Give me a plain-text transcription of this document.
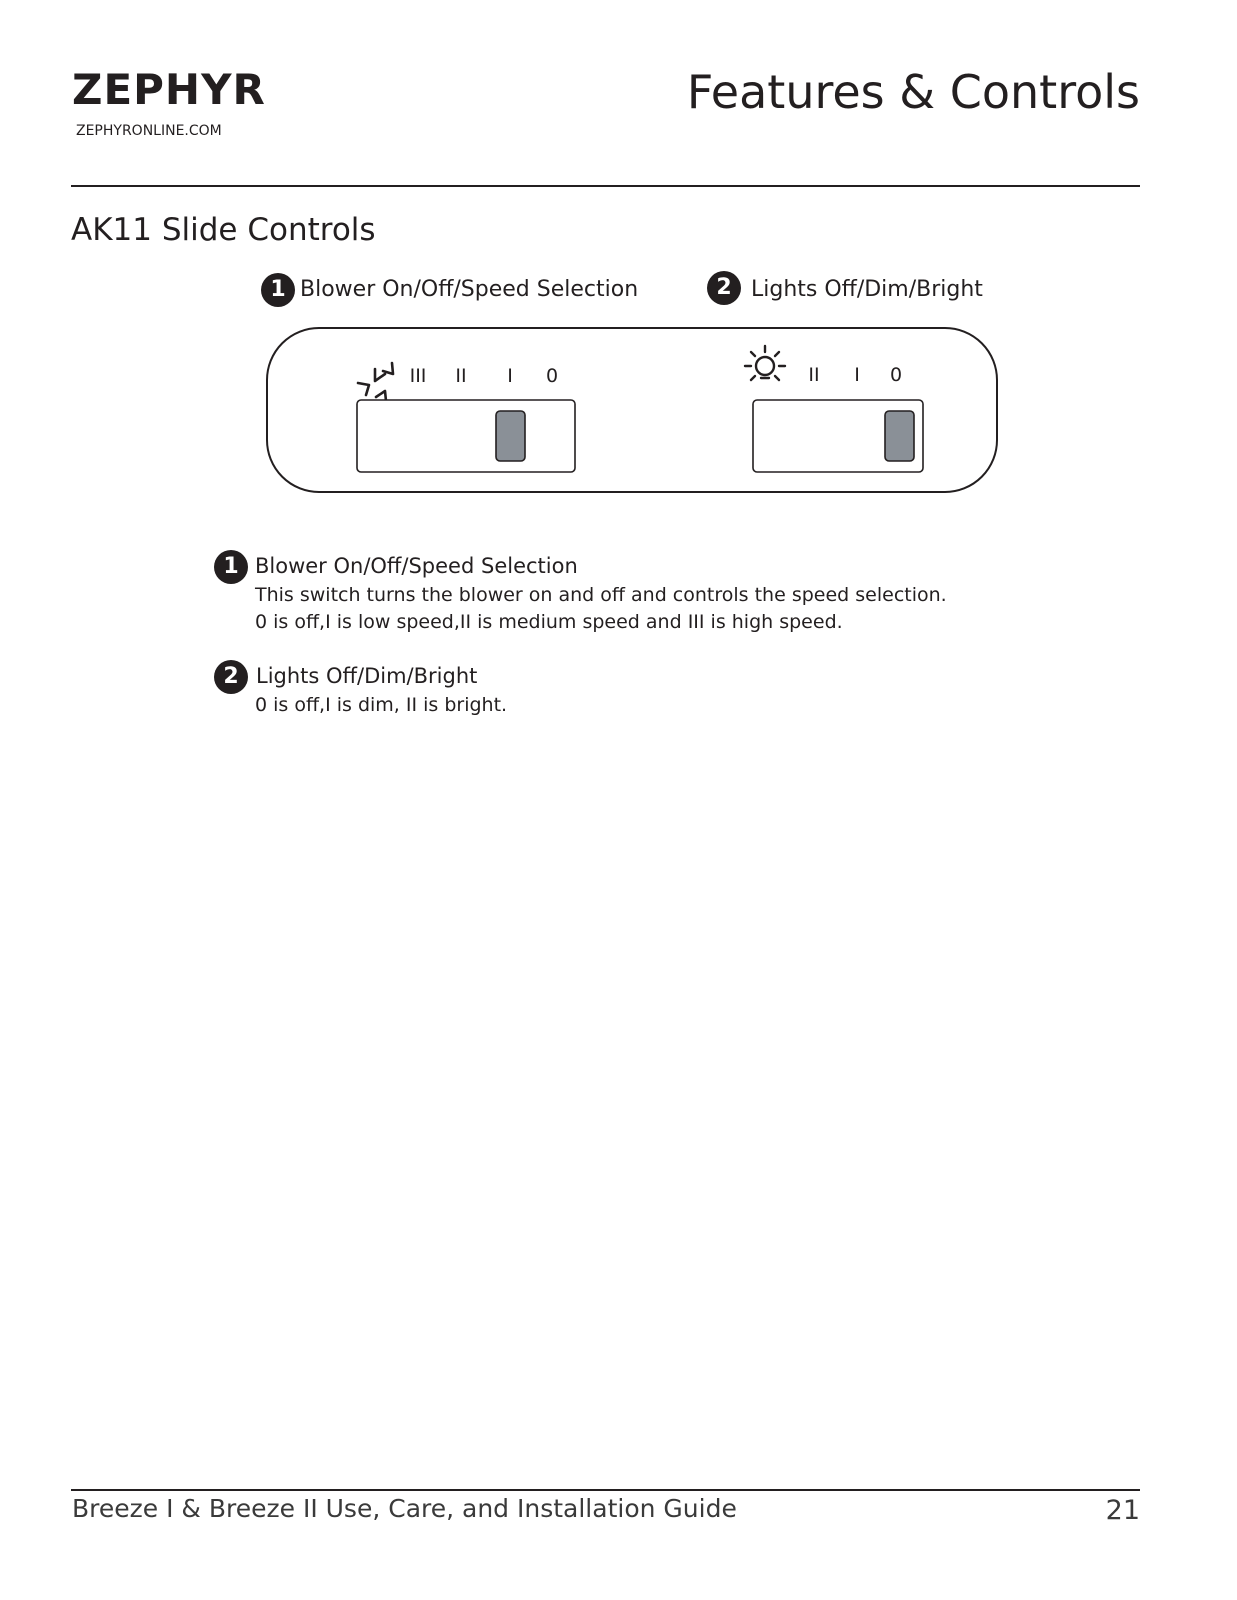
ZEPHYR
ZEPHYRONLINE.COM
Features & Controls
AK11 Slide Controls
1 Blower On/Off/Speed Selection	2 Lights Off/Dim/Bright
III II I 0	II I 0
1 Blower On/Off/Speed Selection
This switch turns the blower on and off and controls the speed selection.
0 is off,I is low speed,II is medium speed and III is high speed.
2 Lights Off/Dim/Bright
0 is off,I is dim, II is bright.
Breeze I & Breeze II Use, Care, and Installation Guide	21
